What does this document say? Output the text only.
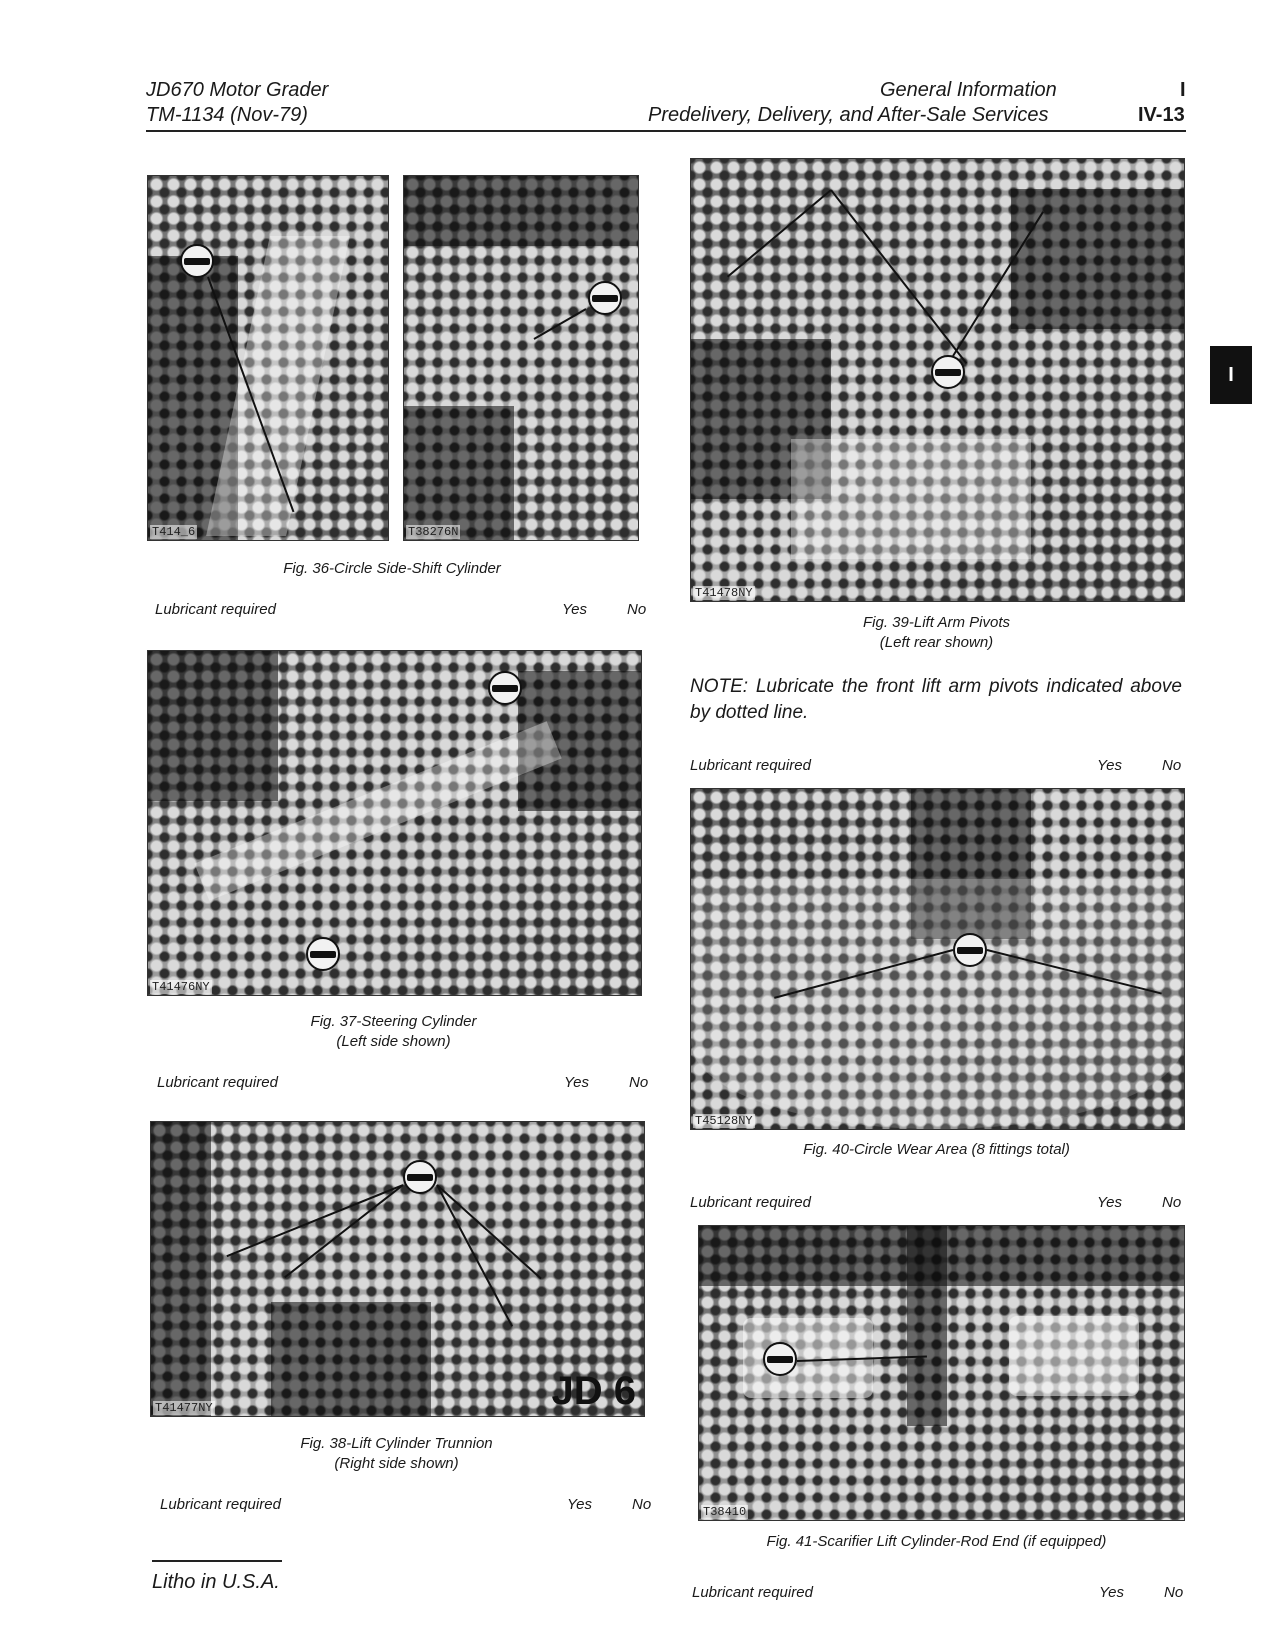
JD670 Motor Grader
TM-1134 (Nov-79)
General Information
Predelivery, Delivery, and After-Sale Services
I
IV-13
I
T414_6	T38276N
Fig. 36-Circle Side-Shift Cylinder
Lubricant required	Yes	No
T41476NY
Fig. 37-Steering Cylinder
(Left side shown)
Lubricant required	Yes	No
JD 6
T41477NY
Fig. 38-Lift Cylinder Trunnion
(Right side shown)
Lubricant required	Yes	No
T41478NY
Fig. 39-Lift Arm Pivots
(Left rear shown)
NOTE: Lubricate the front lift arm pivots indicated above by dotted line.
Lubricant required	Yes	No
T45128NY
Fig. 40-Circle Wear Area (8 fittings total)
Lubricant required	Yes	No
T38410
Fig. 41-Scarifier Lift Cylinder-Rod End (if equipped)
Lubricant required	Yes	No
Litho in U.S.A.
